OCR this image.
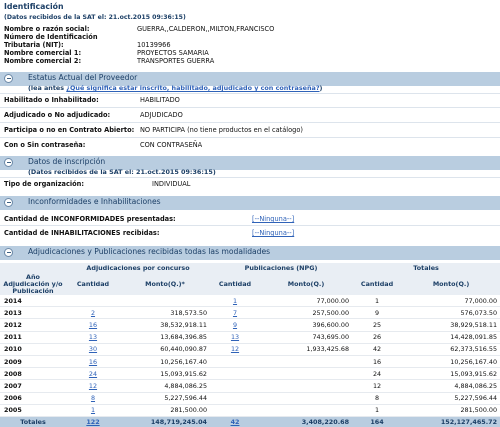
Identificación
(Datos recibidos de la SAT el: 21.oct.2015 09:36:15)
Nombre o razón social:	GUERRA,,CALDERON,,MILTON,FRANCISCO
Número de Identificación Tributaria (NIT):	10139966
Nombre comercial 1:	PROYECTOS SAMARIA
Nombre comercial 2:	TRANSPORTES GUERRA
Estatus Actual del Proveedor
(lea antes ¿Qué significa estar inscrito, habilitado, adjudicado y con contraseña?)
Habilitado o Inhabilitado:	HABILITADO
Adjudicado o No adjudicado:	ADJUDICADO
Participa o no en Contrato Abierto: NO PARTICIPA (no tiene productos en el catálogo)
Con o Sin contraseña:	CON CONTRASEÑA
Datos de inscripción
(Datos recibidos de la SAT el: 21.oct.2015 09:36:15)
Tipo de organización:	INDIVIDUAL
Inconformidades e Inhabilitaciones
Cantidad de INCONFORMIDADES presentadas:	[--Ninguna--]
Cantidad de INHABILITACIONES recibidas:	[--Ninguna--]
Adjudicaciones y Publicaciones recibidas todas las modalidades
	Adjudicaciones por concurso		Publicaciones (NPG)		Totales	
Año Adjudicación y/o Publicación	Cantidad	Monto(Q.)*	Cantidad	Monto(Q.)	Cantidad	Monto(Q.)
2014			1	77,000.00	1	77,000.00
2013	2	318,573.50	7	257,500.00	9	576,073.50
2012	16	38,532,918.11	9	396,600.00	25	38,929,518.11
2011	13	13,684,396.85	13	743,695.00	26	14,428,091.85
2010	30	60,440,090.87	12	1,933,425.68	42	62,373,516.55
2009	16	10,256,167.40			16	10,256,167.40
2008	24	15,093,915.62			24	15,093,915.62
2007	12	4,884,086.25			12	4,884,086.25
2006	8	5,227,596.44			8	5,227,596.44
2005	1	281,500.00			1	281,500.00
Totales	122	148,719,245.04	42	3,408,220.68	164	152,127,465.72
